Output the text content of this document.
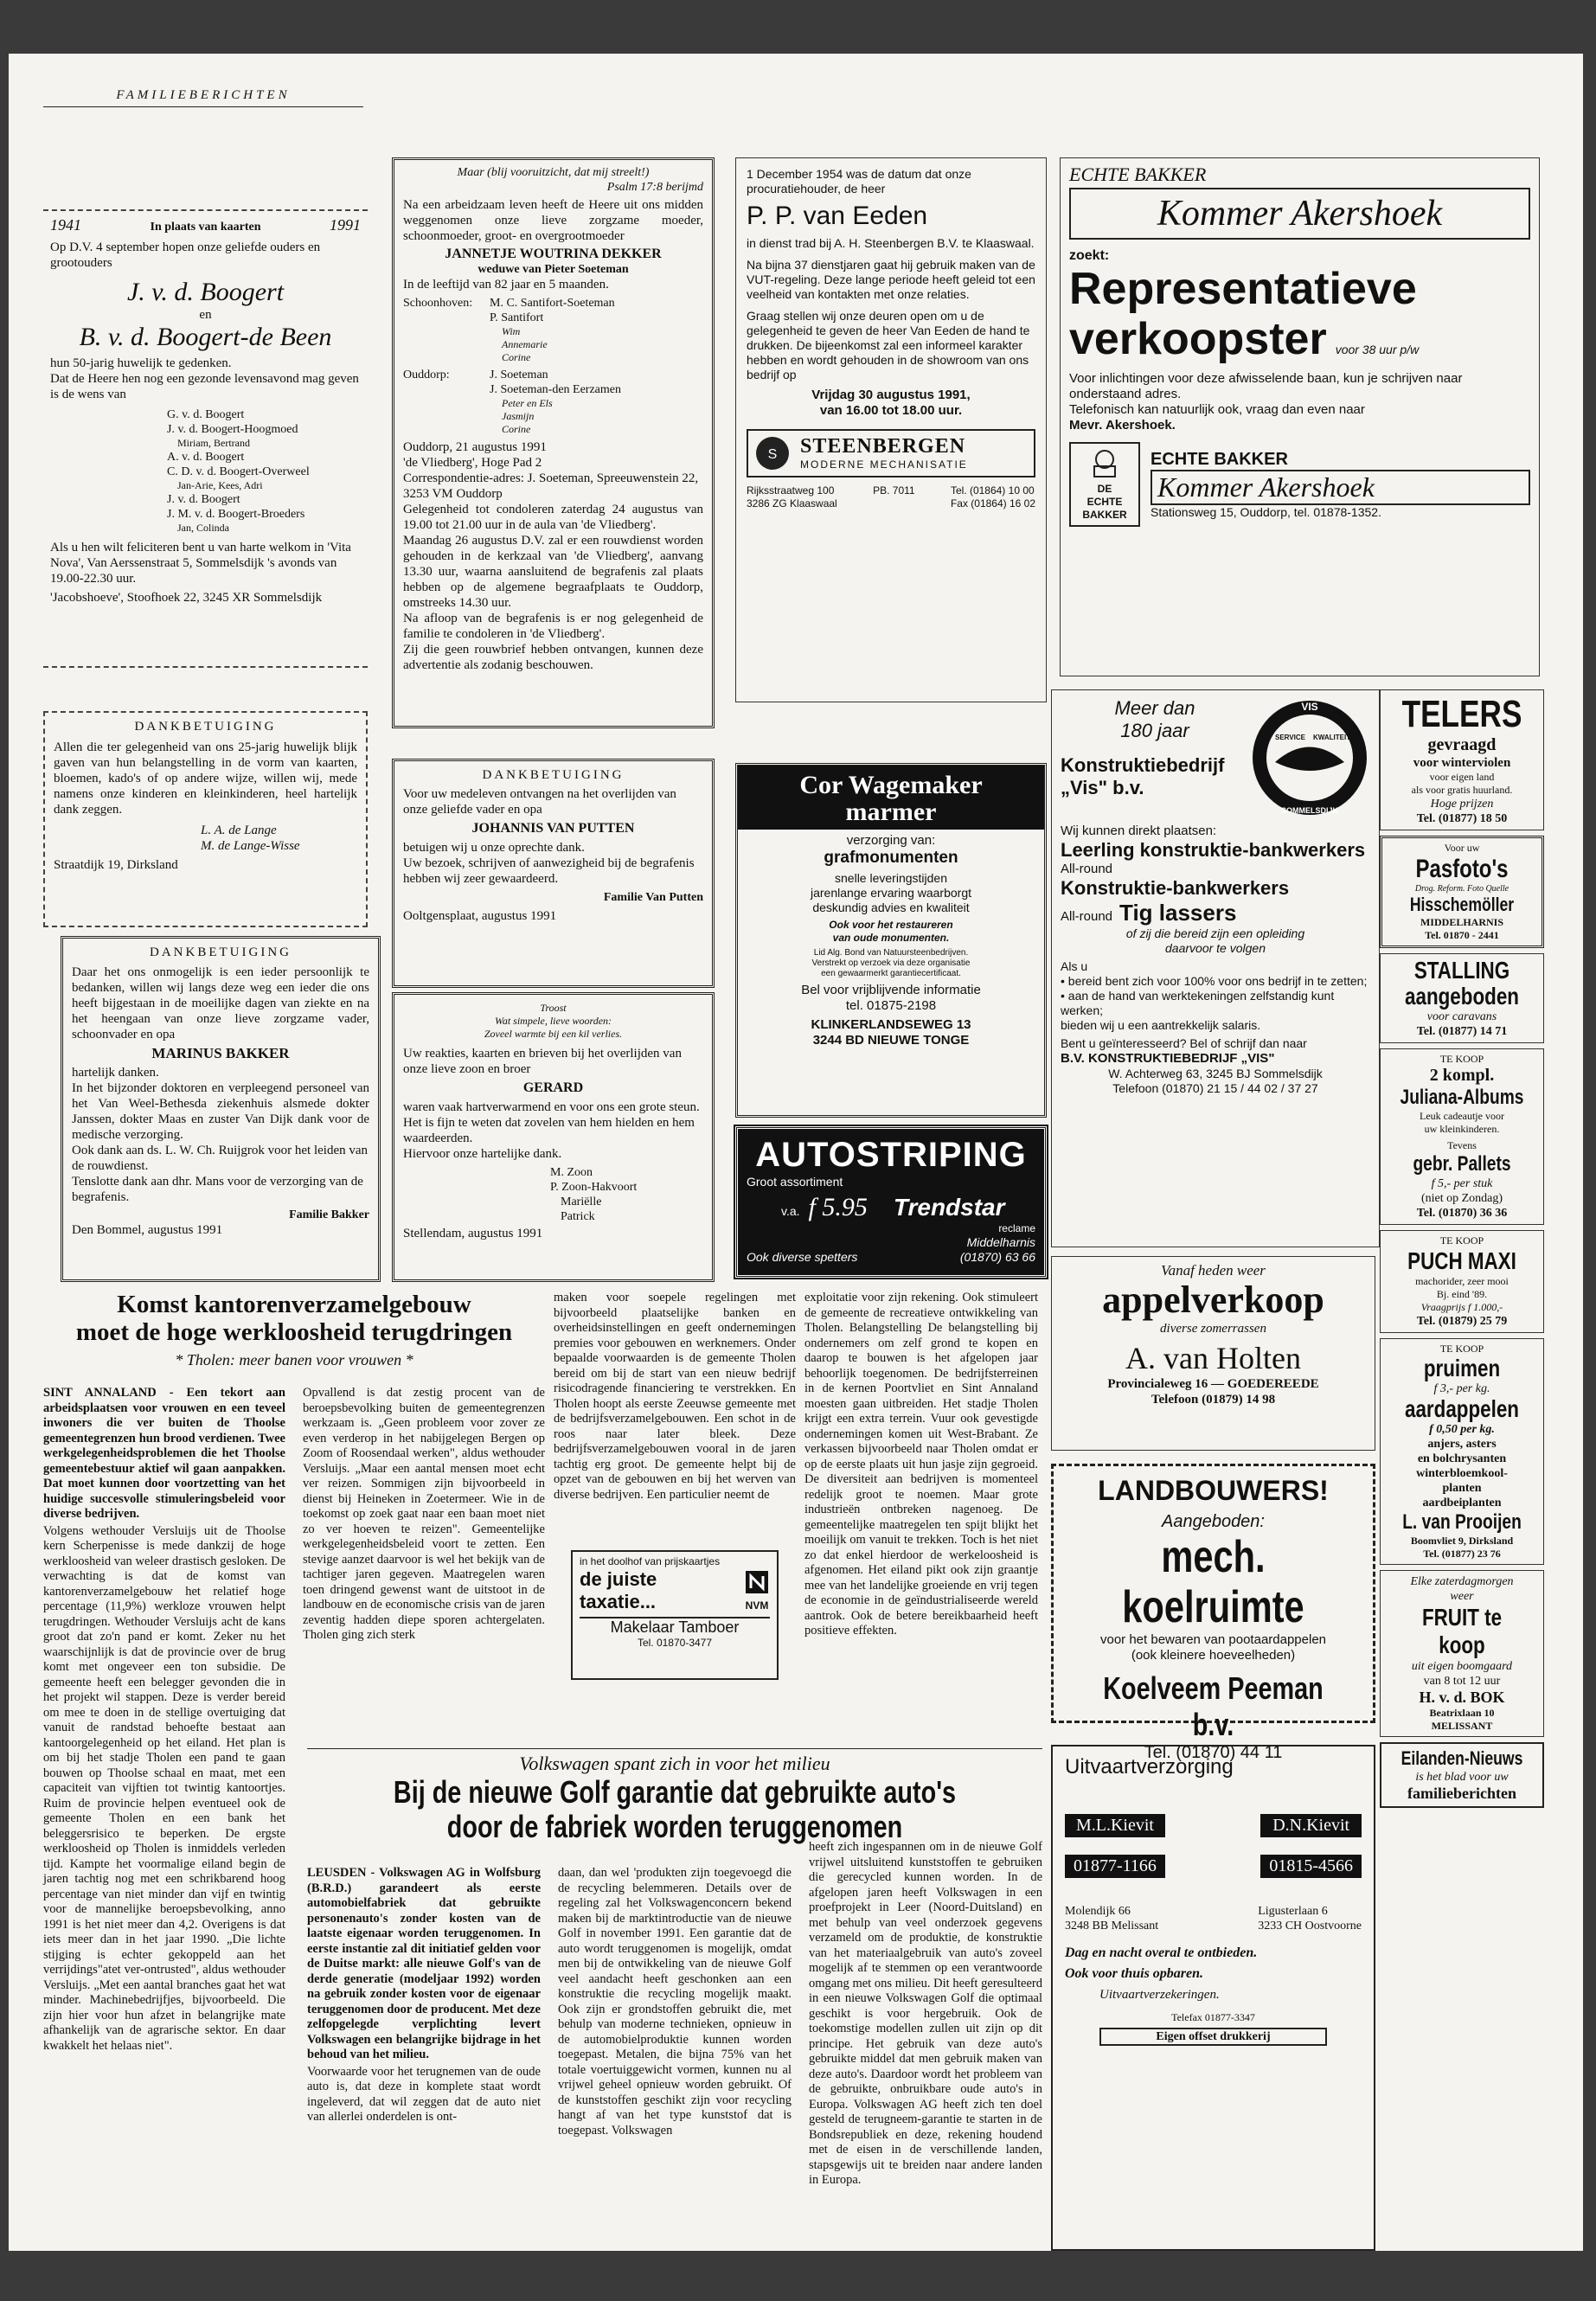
FAMILIEBERICHTEN

1941	In plaats van kaarten	1991

Op D.V. 4 september hopen onze geliefde ouders en grootouders

J. v. d. Boogert

en

B. v. d. Boogert-de Been

hun 50-jarig huwelijk te gedenken.

Dat de Heere hen nog een gezonde levensavond mag geven is de wens van

G. v. d. Boogert

J. v. d. Boogert-Hoogmoed

Miriam, Bertrand

A. v. d. Boogert

C. D. v. d. Boogert-Overweel

Jan-Arie, Kees, Adri

J. v. d. Boogert

J. M. v. d. Boogert-Broeders

Jan, Colinda

Als u hen wilt feliciteren bent u van harte welkom in 'Vita Nova', Van Aerssenstraat 5, Sommelsdijk 's avonds van 19.00-22.30 uur.

'Jacobshoeve', Stoofhoek 22, 3245 XR Sommelsdijk

DANKBETUIGING

Allen die ter gelegenheid van ons 25-jarig huwelijk blijk gaven van hun belangstelling in de vorm van kaarten, bloemen, kado's of op andere wijze, willen wij, mede namens onze kinderen en kleinkinderen, heel hartelijk dank zeggen.

L. A. de Lange

M. de Lange-Wisse

Straatdijk 19, Dirksland

DANKBETUIGING

Daar het ons onmogelijk is een ieder persoonlijk te bedanken, willen wij langs deze weg een ieder die ons heeft bijgestaan in de moeilijke dagen van ziekte en na het heengaan van onze lieve zorgzame vader, schoonvader en opa

MARINUS BAKKER

hartelijk danken.

In het bijzonder doktoren en verpleegend personeel van het Van Weel-Bethesda ziekenhuis alsmede dokter Janssen, dokter Maas en zuster Van Dijk dank voor de medische verzorging.

Ook dank aan ds. L. W. Ch. Ruijgrok voor het leiden van de rouwdienst.

Tenslotte dank aan dhr. Mans voor de verzorging van de begrafenis.

Familie Bakker

Den Bommel, augustus 1991

Maar (blij vooruitzicht, dat mij streelt!)

Psalm 17:8 berijmd

Na een arbeidzaam leven heeft de Heere uit ons midden weggenomen onze lieve zorgzame moeder, schoonmoeder, groot- en overgrootmoeder

JANNETJE WOUTRINA DEKKER

weduwe van Pieter Soeteman

In de leeftijd van 82 jaar en 5 maanden.

Schoonhoven:	M. C. Santifort-Soeteman

P. Santifort

Wim

Annemarie

Corine

Ouddorp:	J. Soeteman

J. Soeteman-den Eerzamen

Peter en Els

Jasmijn

Corine

Ouddorp, 21 augustus 1991

'de Vliedberg', Hoge Pad 2

Correspondentie-adres: J. Soeteman, Spreeuwenstein 22, 3253 VM Ouddorp

Gelegenheid tot condoleren zaterdag 24 augustus van 19.00 tot 21.00 uur in de aula van 'de Vliedberg'.

Maandag 26 augustus D.V. zal er een rouwdienst worden gehouden in de kerkzaal van 'de Vliedberg', aanvang 13.30 uur, waarna aansluitend de begrafenis zal plaats hebben op de algemene begraafplaats te Ouddorp, omstreeks 14.30 uur.

Na afloop van de begrafenis is er nog gelegenheid de familie te condoleren in 'de Vliedberg'.

Zij die geen rouwbrief hebben ontvangen, kunnen deze advertentie als zodanig beschouwen.

DANKBETUIGING

Voor uw medeleven ontvangen na het overlijden van onze geliefde vader en opa

JOHANNIS VAN PUTTEN

betuigen wij u onze oprechte dank.

Uw bezoek, schrijven of aanwezigheid bij de begrafenis hebben wij zeer gewaardeerd.

Familie Van Putten

Ooltgensplaat, augustus 1991

Troost

Wat simpele, lieve woorden:

Zoveel warmte bij een kil verlies.

Uw reakties, kaarten en brieven bij het overlijden van onze lieve zoon en broer

GERARD

waren vaak hartverwarmend en voor ons een grote steun.

Het is fijn te weten dat zovelen van hem hielden en hem waardeerden.

Hiervoor onze hartelijke dank.

M. Zoon

P. Zoon-Hakvoort

Mariëlle

Patrick

Stellendam, augustus 1991

1 December 1954 was de datum dat onze procuratiehouder, de heer

P. P. van Eeden

in dienst trad bij A. H. Steenbergen B.V. te Klaaswaal.

Na bijna 37 dienstjaren gaat hij gebruik maken van de VUT-regeling. Deze lange periode heeft geleid tot een veelheid van kontakten met onze relaties.

Graag stellen wij onze deuren open om u de gelegenheid te geven de heer Van Eeden de hand te drukken. De bijeenkomst zal een informeel karakter hebben en wordt gehouden in de showroom van ons bedrijf op

Vrijdag 30 augustus 1991,

van 16.00 tot 18.00 uur.

S STEENBERGEN

MODERNE MECHANISATIE

Rijksstraatweg 100

3286 ZG Klaaswaal

PB. 7011	Tel. (01864) 10 00

Fax (01864) 16 02

Cor Wagemaker

marmer

verzorging van:

grafmonumenten

snelle leveringstijden

jarenlange ervaring waarborgt

deskundig advies en kwaliteit

Ook voor het restaureren

van oude monumenten.

Lid Alg. Bond van Natuursteenbedrijven.

Verstrekt op verzoek via deze organisatie

een gewaarmerkt garantiecertificaat.

Bel voor vrijblijvende informatie

tel. 01875-2198

KLINKERLANDSEWEG 13

3244 BD NIEUWE TONGE

AUTOSTRIPING

Groot assortiment

v.a. f 5.95 Trendstar

reclame

Ook diverse spetters

Middelharnis

(01870) 63 66

ECHTE BAKKER

Kommer Akershoek

zoekt:

Representatieve

verkoopster voor 38 uur p/w

Voor inlichtingen voor deze afwisselende baan, kun je schrijven naar onderstaand adres.

Telefonisch kan natuurlijk ook, vraag dan even naar

Mevr. Akershoek.

DE

ECHTE

BAKKER

ECHTE BAKKER

Kommer Akershoek

Stationsweg 15, Ouddorp, tel. 01878-1352.

Meer dan

180 jaar

Konstruktiebedrijf

„Vis" b.v.

VIS
SOMMELSDIJK
SERVICE KWALITEIT

Wij kunnen direkt plaatsen:

Leerling konstruktie-bankwerkers

All-round

Konstruktie-bankwerkers

All-round Tig lassers

of zij die bereid zijn een opleiding

daarvoor te volgen

Als u

• bereid bent zich voor 100% voor ons bedrijf in te zetten;

• aan de hand van werktekeningen zelfstandig kunt werken;

bieden wij u een aantrekkelijk salaris.

Bent u geïnteresseerd? Bel of schrijf dan naar

B.V. KONSTRUKTIEBEDRIJF „VIS"

W. Achterweg 63, 3245 BJ Sommelsdijk

Telefoon (01870) 21 15 / 44 02 / 37 27

TELERS

gevraagd

voor winterviolen

voor eigen land

als voor gratis huurland.

Hoge prijzen

Tel. (01877) 18 50

Voor uw

Pasfoto's

Drog. Reform. Foto Quelle

Hisschemöller

MIDDELHARNIS

Tel. 01870 - 2441

STALLING

aangeboden

voor caravans

Tel. (01877) 14 71

TE KOOP

2 kompl.

Juliana-Albums

Leuk cadeautje voor

uw kleinkinderen.

Tevens

gebr. Pallets

f 5,- per stuk

(niet op Zondag)

Tel. (01870) 36 36

TE KOOP

PUCH MAXI

machorider, zeer mooi

Bj. eind '89.

Vraagprijs f 1.000,-

Tel. (01879) 25 79

TE KOOP

pruimen

f 3,- per kg.

aardappelen

f 0,50 per kg.

anjers, asters

en bolchrysanten

winterbloemkool-

planten

aardbeiplanten

L. van Prooijen

Boomvliet 9, Dirksland

Tel. (01877) 23 76

Elke zaterdagmorgen

weer

FRUIT te koop

uit eigen boomgaard

van 8 tot 12 uur

H. v. d. BOK

Beatrixlaan 10

MELISSANT

Eilanden-Nieuws

is het blad voor uw

familieberichten

Vanaf heden weer

appelverkoop

diverse zomerrassen

A. van Holten

Provincialeweg 16 — GOEDEREEDE

Telefoon (01879) 14 98

LANDBOUWERS!

Aangeboden:

mech. koelruimte

voor het bewaren van pootaardappelen

(ook kleinere hoeveelheden)

Koelveem Peeman b.v.

Tel. (01870) 44 11

Uitvaartverzorging

M.L.Kievit

01877-1166

D.N.Kievit

01815-4566

Molendijk 66

3248 BB Melissant

Ligusterlaan 6

3233 CH Oostvoorne

Dag en nacht overal te ontbieden.

Ook voor thuis opbaren.

Uitvaartverzekeringen.

Telefax 01877-3347

Eigen offset drukkerij

Komst kantorenverzamelgebouw

moet de hoge werkloosheid terugdringen

* Tholen: meer banen voor vrouwen *

SINT ANNALAND - Een tekort aan arbeidsplaatsen voor vrouwen en een teveel inwoners die ver buiten de Thoolse gemeentegrenzen hun brood verdienen. Twee werkgelegenheidsproblemen die het Thoolse gemeentebestuur aktief wil gaan aanpakken. Dat moet kunnen door voortzetting van het huidige succesvolle stimuleringsbeleid voor diverse bedrijven.

Volgens wethouder Versluijs uit de Thoolse kern Scherpenisse is mede dankzij de hoge werkloosheid van weleer drastisch gesloken. De verwachting is dat de komst van kantorenverzamelgebouw het relatief hoge percentage (11,9%) werkloze vrouwen helpt terugdringen. Wethouder Versluijs acht de kans groot dat zo'n pand er komt. Zeker nu het waarschijnlijk is dat de provincie over de brug komt met ongeveer een ton subsidie. De gemeente heeft een belegger gevonden die in het projekt wil stappen. Deze is verder bereid om mee te doen in de stellige overtuiging dat vanuit de randstad behoefte bestaat aan kantoorgelegenheid op het eiland. Het plan is om bij het stadje Tholen een pand te gaan bouwen op Thoolse schaal en maat, met een capaciteit van vijftien tot twintig kantoortjes. Ruim de provincie helpen eventueel ook de gemeente Tholen en een bank het beleggersrisico te beperken. De ergste werkloosheid op Tholen is inmiddels verleden tijd. Kampte het voormalige eiland begin de jaren tachtig nog met een schrikbarend hoog percentage van niet minder dan vijf en twintig voor de mannelijke beroepsbevolking, anno 1991 is het niet meer dan 4,2. Overigens is dat iets meer dan in het jaar 1990. „Die lichte stijging is echter gekoppeld aan het verrijdings"atet ver-ontrusted", aldus wethouder Versluijs. „Met een aantal branches gaat het wat minder. Machinebedrijfjes, bijvoorbeeld. Die zijn hier voor hun afzet in belangrijke mate afhankelijk van de agrarische sektor. En daar kwakkelt het helaas niet".

Opvallend is dat zestig procent van de beroepsbevolking buiten de gemeentegrenzen werkzaam is. „Geen probleem voor zover ze even verderop in het nabijgelegen Bergen op Zoom of Roosendaal werken", aldus wethouder Versluijs. „Maar een aantal mensen moet echt ver reizen. Sommigen zijn bijvoorbeeld in dienst bij Heineken in Zoetermeer. Wie in de toekomst op zoek gaat naar een baan moet niet zo ver hoeven te reizen". Gemeentelijke werkgelegenheidsbeleid voort te zetten. Een stevige aanzet daarvoor is wel het bekijk van de tachtiger jaren gegeven. Maatregelen waren toen dringend gewenst want de uitstoot in de landbouw en de economische crisis van de jaren zeventig hadden diepe sporen achtergelaten. Tholen ging zich sterk

maken voor soepele regelingen met bijvoorbeeld plaatselijke banken en overheidsinstellingen en geeft ondernemingen premies voor gebouwen en werknemers. Onder bepaalde voorwaarden is de gemeente Tholen bereid om bij de start van een nieuw bedrijf risicodragende financiering te verstrekken. En Tholen hoopt als eerste Zeeuwse gemeente met de bedrijfsverzamelgebouwen. Een schot in de roos naar later bleek. Deze bedrijfsverzamelgebouwen vooral in de jaren tachtig erg groot. De gemeente helpt bij de opzet van de gebouwen en bij het werven van diverse bedrijven. Een particulier neemt de

in het doolhof van prijskaartjes

de juiste

taxatie...	NVM

Makelaar Tamboer

Tel. 01870-3477

exploitatie voor zijn rekening. Ook stimuleert de gemeente de recreatieve ontwikkeling van Tholen. Belangstelling De belangstelling bij ondernemers om zelf grond te kopen en daarop te bouwen is het afgelopen jaar behoorlijk toegenomen. De bedrijfsterreinen in de kernen Poortvliet en Sint Annaland moesten gaan uitbreiden. Het stadje Tholen krijgt een extra terrein. Vuur ook gevestigde ondernemingen komen uit West-Brabant. Ze verkassen bijvoorbeeld naar Tholen omdat er op de eerste plaats uit hun jasje zijn gegroeid. De diversiteit aan bedrijven is momenteel redelijk groot te noemen. Maar grote industrieën ontbreken nagenoeg. De gemeentelijke maatregelen ten spijt blijkt het moeilijk om vanuit te trekken. Toch is het niet zo dat enkel hierdoor de werkeloosheid is afgenomen. Het eiland pikt ook zijn graantje mee van het landelijke groeiende en vrij tegen de economie in de geïndustrialiseerde wereld aantrok. Ook de betere bereikbaarheid heeft positieve effekten.

Volkswagen spant zich in voor het milieu

Bij de nieuwe Golf garantie dat gebruikte auto's

door de fabriek worden teruggenomen

LEUSDEN - Volkswagen AG in Wolfsburg (B.R.D.) garandeert als eerste automobielfabriek dat gebruikte personenauto's zonder kosten van de laatste eigenaar worden teruggenomen. In eerste instantie zal dit initiatief gelden voor de Duitse markt: alle nieuwe Golf's van de derde generatie (modeljaar 1992) worden na gebruik zonder kosten voor de eigenaar teruggenomen door de producent. Met deze zelfopgelegde verplichting levert Volkswagen een belangrijke bijdrage in het behoud van het milieu.

Voorwaarde voor het terugnemen van de oude auto is, dat deze in komplete staat wordt ingeleverd, dat wil zeggen dat de auto niet van allerlei onderdelen is ont-

daan, dan wel 'produkten zijn toegevoegd die de recycling belemmeren. Details over de regeling zal het Volkswagenconcern bekend maken bij de marktintroductie van de nieuwe Golf in november 1991. Een garantie dat de auto wordt teruggenomen is mogelijk, omdat men bij de ontwikkeling van de nieuwe Golf veel aandacht heeft geschonken aan een konstruktie die recycling mogelijk maakt. Ook zijn er grondstoffen gebruikt die, met behulp van moderne technieken, opnieuw in de automobielproduktie kunnen worden toegepast. Metalen, die bijna 75% van het totale voertuiggewicht vormen, kunnen nu al vrijwel geheel opnieuw worden gebruikt. Of de kunststoffen geschikt zijn voor recycling hangt af van het type kunststof dat is toegepast. Volkswagen

heeft zich ingespannen om in de nieuwe Golf vrijwel uitsluitend kunststoffen te gebruiken die gerecycled kunnen worden. In de afgelopen jaren heeft Volkswagen in een proefprojekt in Leer (Noord-Duitsland) en met behulp van veel onderzoek gegevens verzameld om de produktie, de konstruktie van het materiaalgebruik van auto's zoveel mogelijk af te stemmen op een verantwoorde omgang met ons milieu. Dit heeft geresulteerd in een nieuwe Volkswagen Golf die optimaal geschikt is voor hergebruik. Ook de toekomstige modellen zullen uit zijn op dit principe. Het gebruik van deze auto's gebruikte middel dat men gebruik maken van deze auto's. Daardoor wordt het probleem van de gebruikte, onbruikbare oude auto's in Europa. Volkswagen AG heeft zich ten doel gesteld de terugneem-garantie te starten in de Bondsrepubliek en deze, rekening houdend met de eisen in de verschillende landen, stapsgewijs uit te breiden naar andere landen in Europa.
